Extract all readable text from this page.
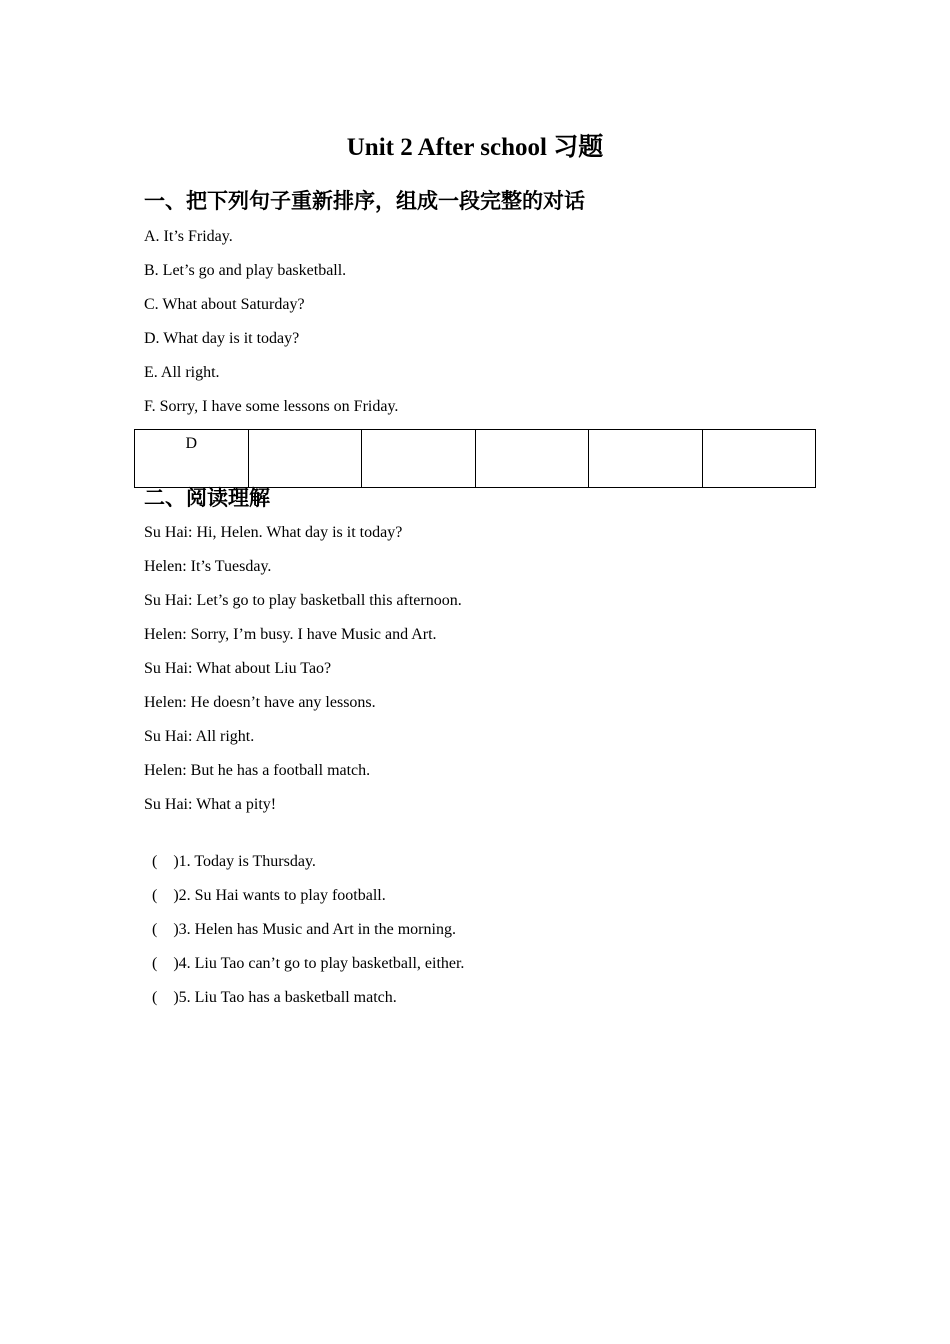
Unit 2 After school 习题
一、把下列句子重新排序，组成一段完整的对话
A. It’s Friday.
B. Let’s go and play basketball.
C. What about Saturday?
D. What day is it today?
E. All right.
F. Sorry, I have some lessons on Friday.
D					
二、阅读理解
Su Hai: Hi, Helen. What day is it today?
Helen: It’s Tuesday.
Su Hai: Let’s go to play basketball this afternoon.
Helen: Sorry, I’m busy. I have Music and Art.
Su Hai: What about Liu Tao?
Helen: He doesn’t have any lessons.
Su Hai: All right.
Helen: But he has a football match.
Su Hai: What a pity!

( )1. Today is Thursday.

( )2. Su Hai wants to play football.

( )3. Helen has Music and Art in the morning.

( )4. Liu Tao can’t go to play basketball, either.

( )5. Liu Tao has a basketball match.
